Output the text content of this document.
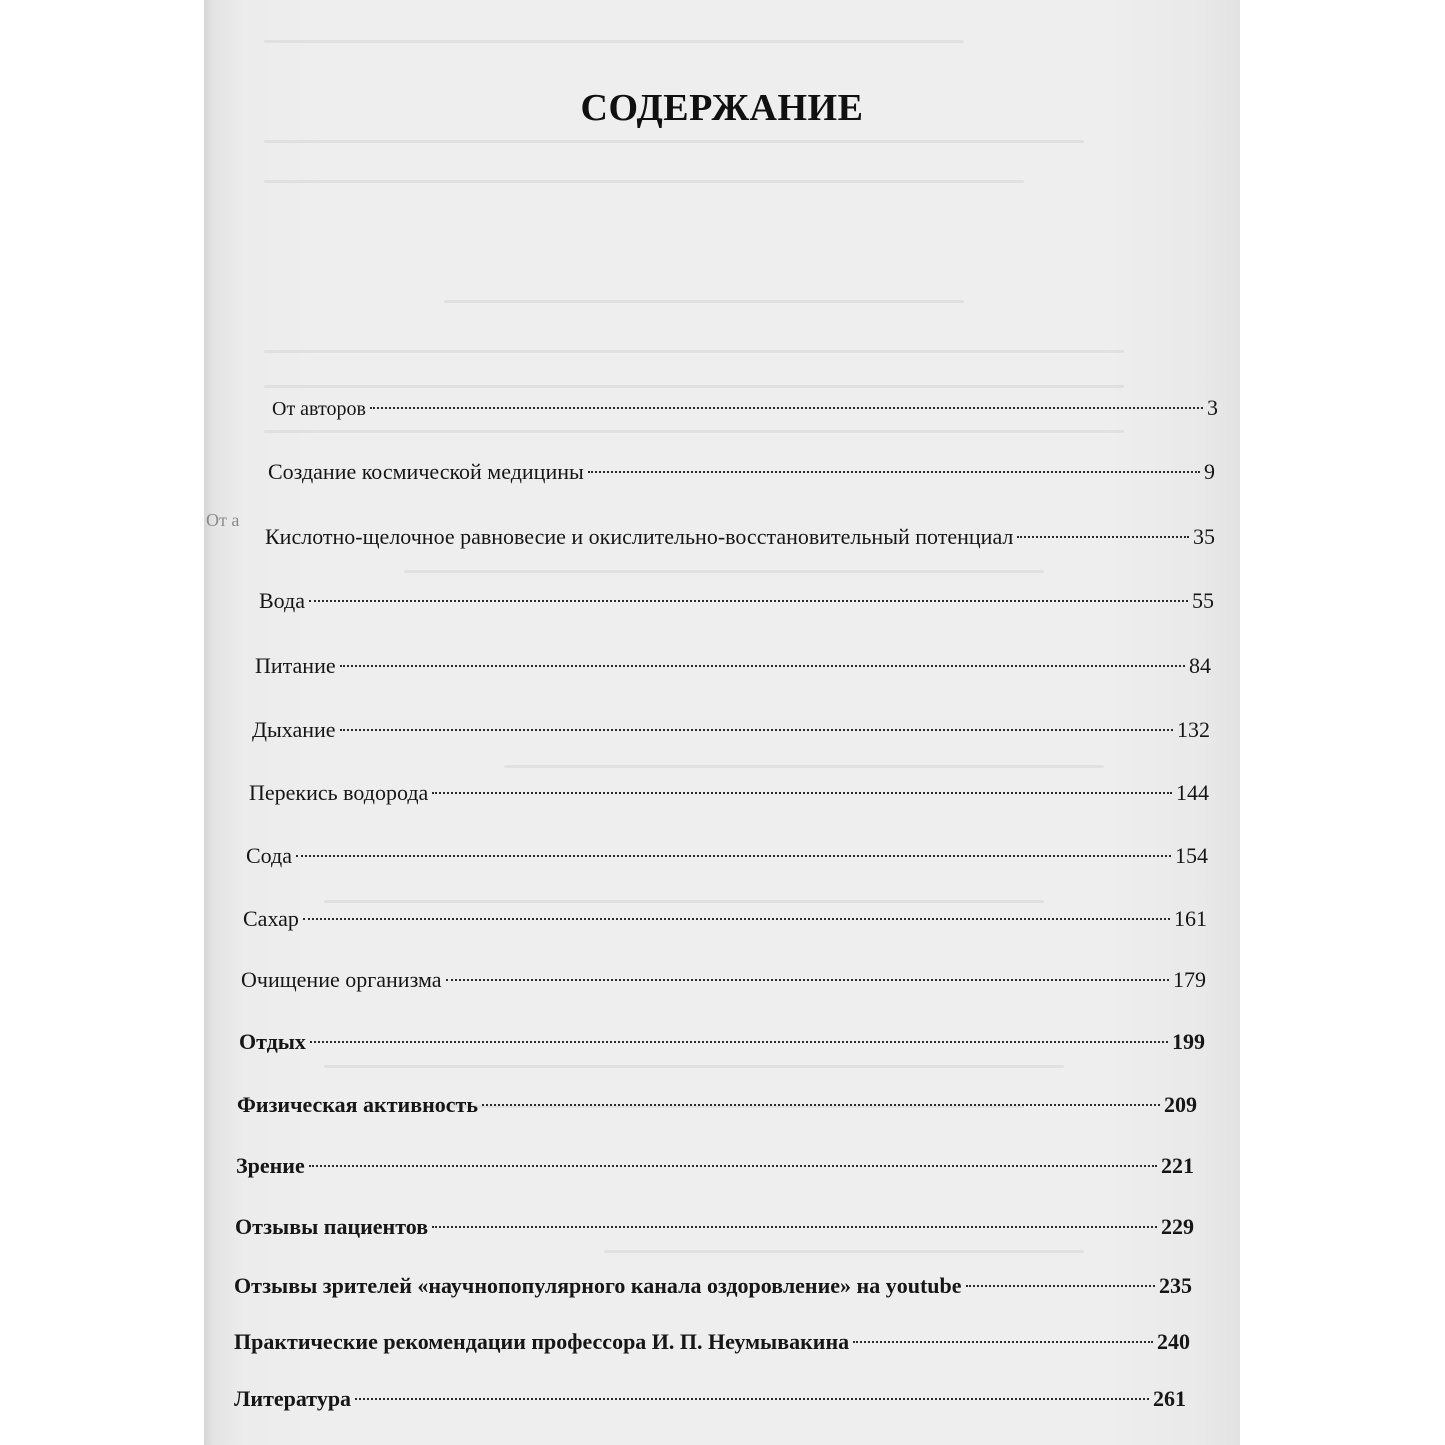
От а
СОДЕРЖАНИЕ
От авторов	3
Создание космической медицины	9
Кислотно-щелочное равновесие и окислительно-восстановительный потенциал	35
Вода	55
Питание	84
Дыхание	132
Перекись водорода	144
Сода	154
Сахар	161
Очищение организма	179
Отдых	199
Физическая активность	209
Зрение	221
Отзывы пациентов	229
Отзывы зрителей «научнопопулярного канала оздоровление» на youtube	235
Практические рекомендации профессора И. П. Неумывакина	240
Литература	261
